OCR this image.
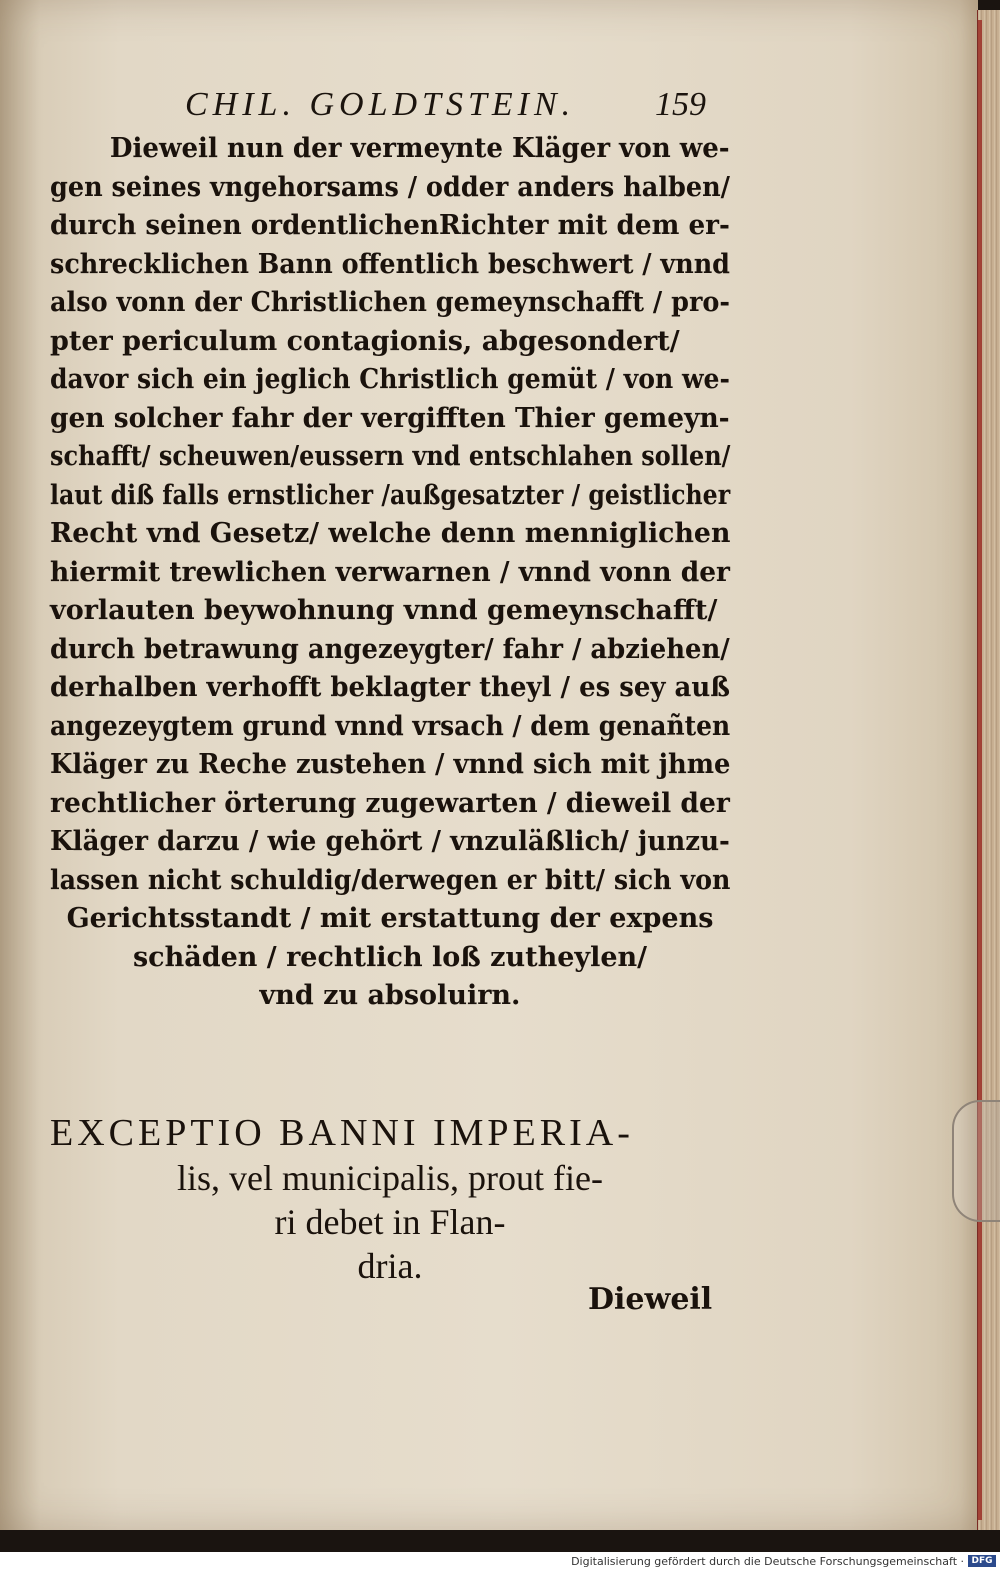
CHIL. GOLDTSTEIN. 159
Dieweil nun der vermeynte Kläger von we-
gen seines vngehorsams / odder anders halben/
durch seinen ordentlichenRichter mit dem er-
schrecklichen Bann offentlich beschwert / vnnd
also vonn der Christlichen gemeynschafft / pro-
pter periculum contagionis, abgesondert/
davor sich ein jeglich Christlich gemüt / von we-
gen solcher fahr der vergifften Thier gemeyn-
schafft/ scheuwen/eussern vnd entschlahen sollen/
laut diß falls ernstlicher /außgesatzter / geistlicher
Recht vnd Gesetz/ welche denn menniglichen
hiermit trewlichen verwarnen / vnnd vonn der
vorlauten beywohnung vnnd gemeynschafft/
durch betrawung angezeygter/ fahr / abziehen/
derhalben verhofft beklagter theyl / es sey auß
angezeygtem grund vnnd vrsach / dem genañten
Kläger zu Reche zustehen / vnnd sich mit jhme
rechtlicher örterung zugewarten / dieweil der
Kläger darzu / wie gehört / vnzuläßlich/ junzu-
lassen nicht schuldig/derwegen er bitt/ sich von
Gerichtsstandt / mit erstattung der expens
schäden / rechtlich loß zutheylen/
vnd zu absoluirn.
EXCEPTIO BANNI IMPERIA-
lis, vel municipalis, prout fie-
ri debet in Flan-
dria.
Dieweil
Digitalisierung gefördert durch die Deutsche Forschungsgemeinschaft · DFG
